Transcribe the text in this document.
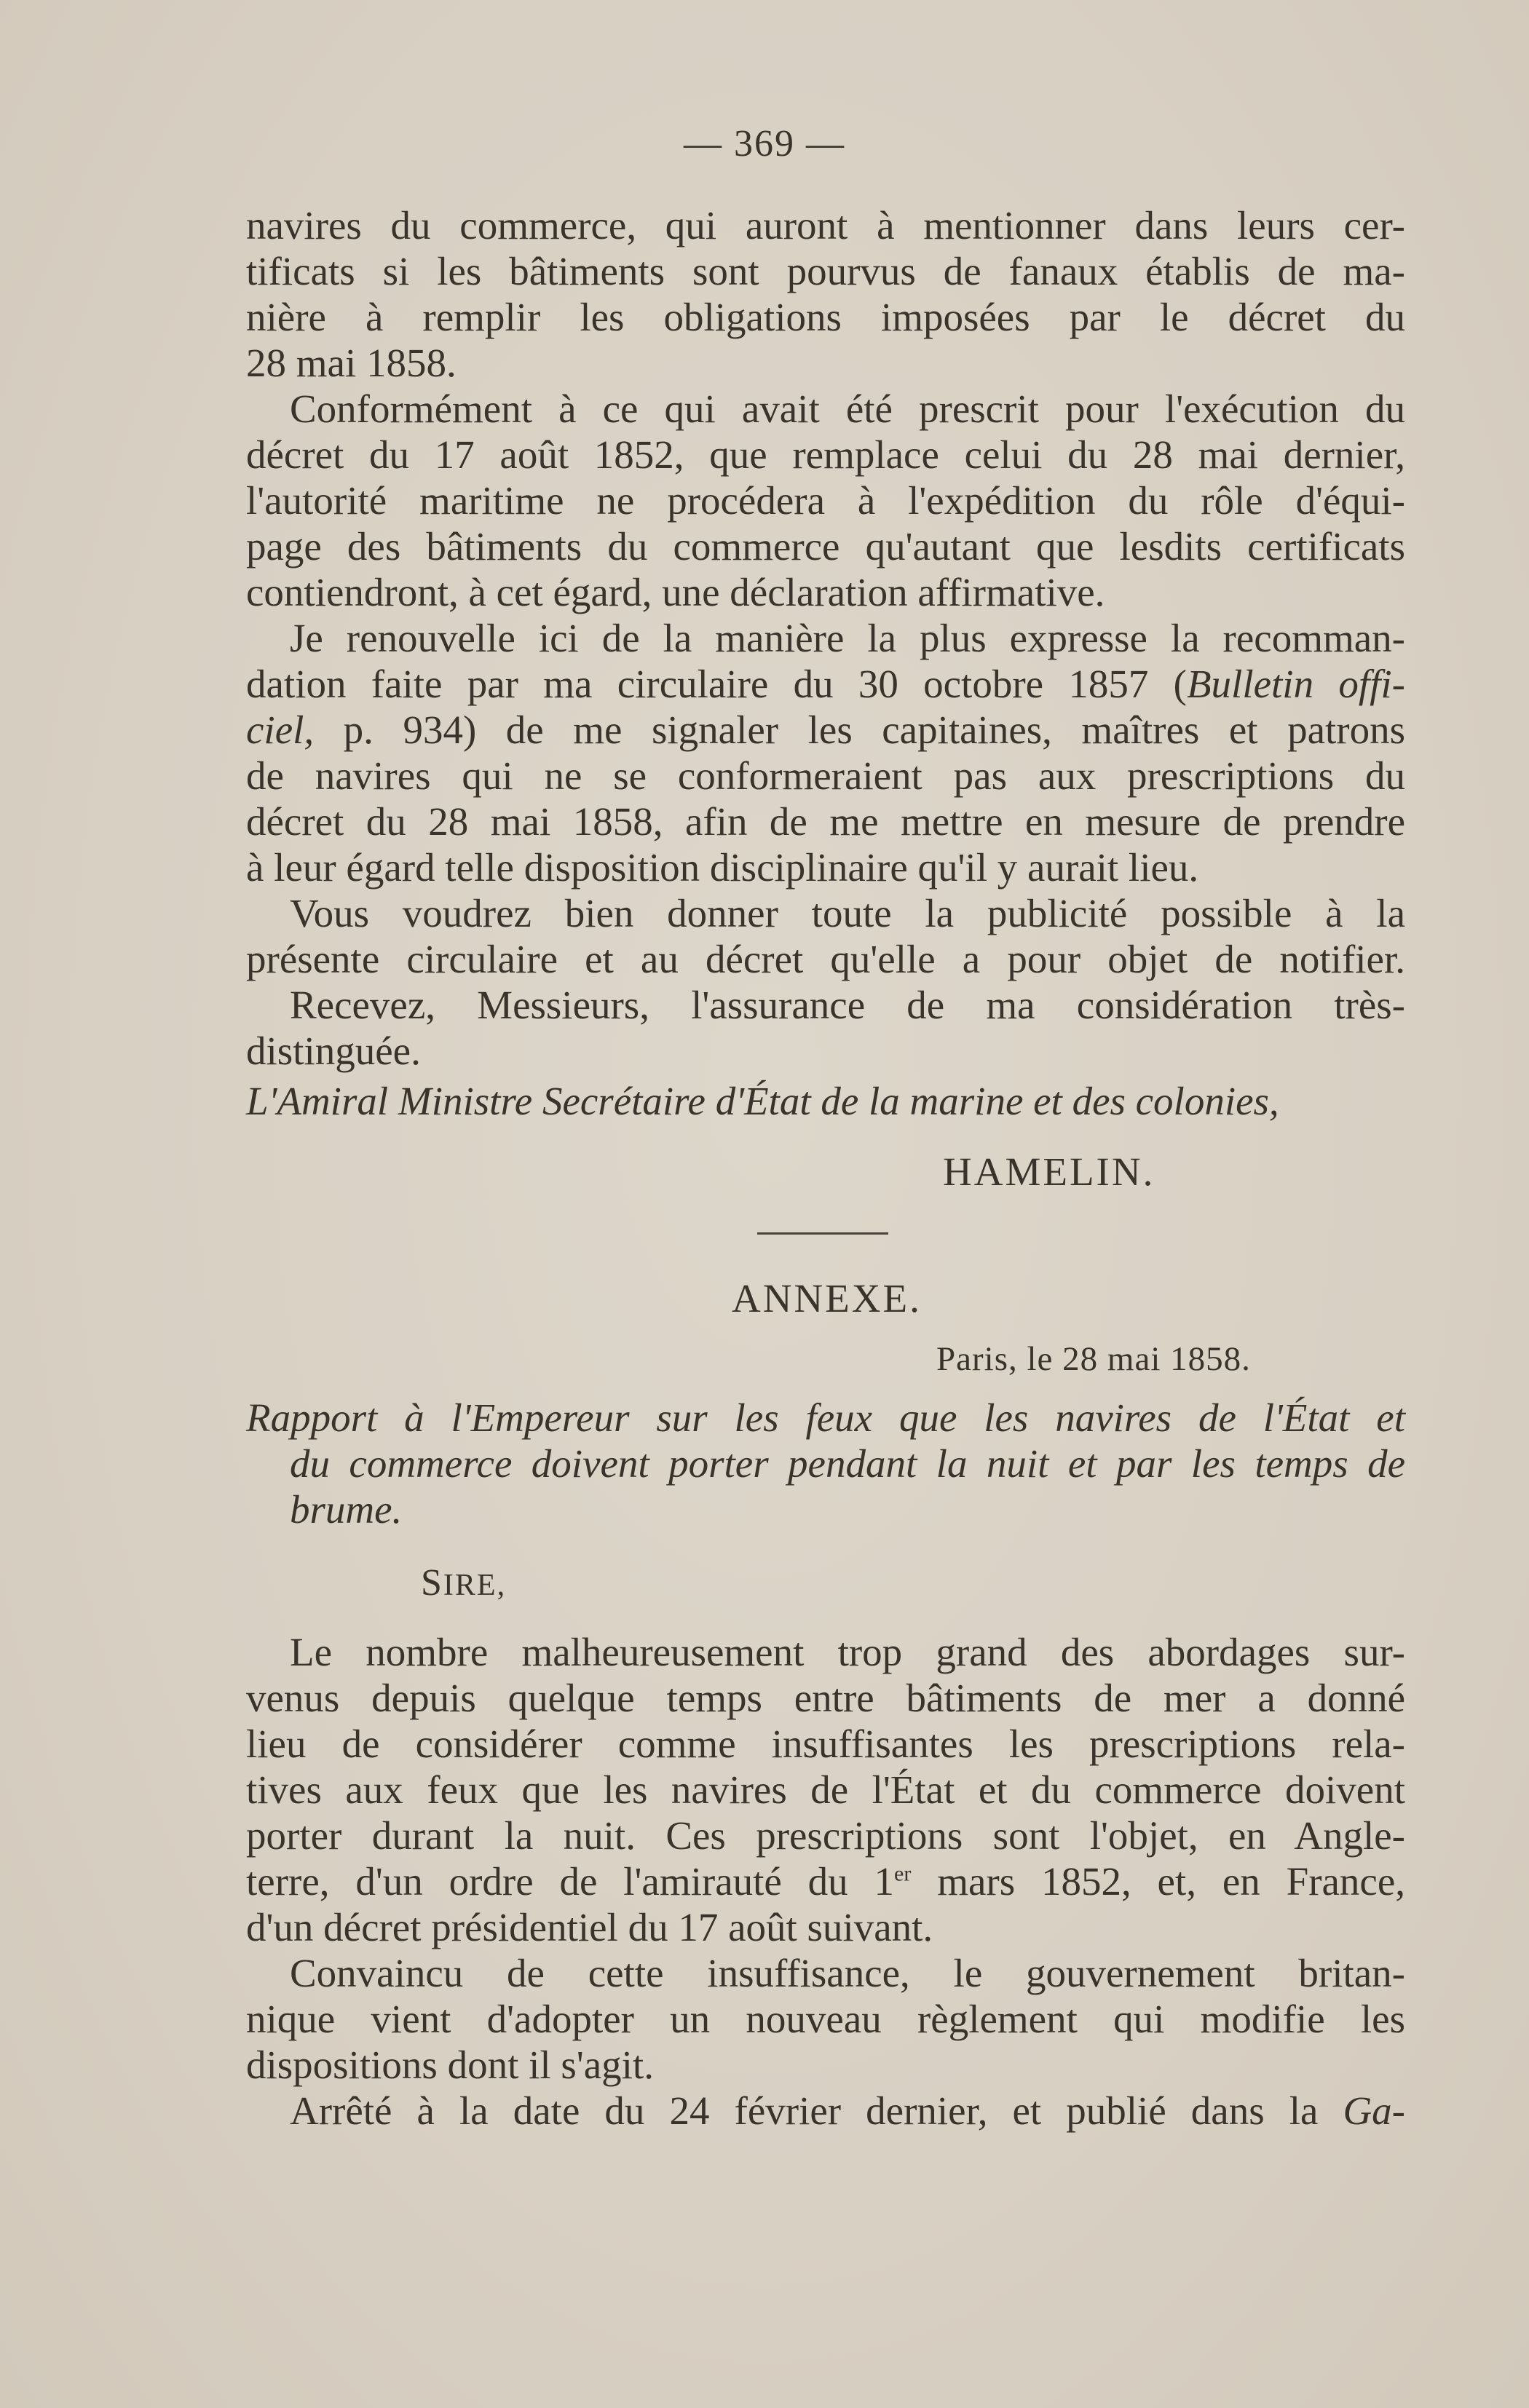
— 369 —
navires du commerce, qui auront à mentionner dans leurs cer-
tificats si les bâtiments sont pourvus de fanaux établis de ma-
nière à remplir les obligations imposées par le décret du
28 mai 1858.
Conformément à ce qui avait été prescrit pour l'exécution du
décret du 17 août 1852, que remplace celui du 28 mai dernier,
l'autorité maritime ne procédera à l'expédition du rôle d'équi-
page des bâtiments du commerce qu'autant que lesdits certificats
contiendront, à cet égard, une déclaration affirmative.
Je renouvelle ici de la manière la plus expresse la recomman-
dation faite par ma circulaire du 30 octobre 1857 (Bulletin offi-
ciel, p. 934) de me signaler les capitaines, maîtres et patrons
de navires qui ne se conformeraient pas aux prescriptions du
décret du 28 mai 1858, afin de me mettre en mesure de prendre
à leur égard telle disposition disciplinaire qu'il y aurait lieu.
Vous voudrez bien donner toute la publicité possible à la
présente circulaire et au décret qu'elle a pour objet de notifier.
Recevez, Messieurs, l'assurance de ma considération très-
distinguée.
L'Amiral Ministre Secrétaire d'État de la marine et des colonies,
HAMELIN.
ANNEXE.
Paris, le 28 mai 1858.
Rapport à l'Empereur sur les feux que les navires de l'État et
du commerce doivent porter pendant la nuit et par les temps de
brume.
SIRE,
Le nombre malheureusement trop grand des abordages sur-
venus depuis quelque temps entre bâtiments de mer a donné
lieu de considérer comme insuffisantes les prescriptions rela-
tives aux feux que les navires de l'État et du commerce doivent
porter durant la nuit. Ces prescriptions sont l'objet, en Angle-
terre, d'un ordre de l'amirauté du 1er mars 1852, et, en France,
d'un décret présidentiel du 17 août suivant.
Convaincu de cette insuffisance, le gouvernement britan-
nique vient d'adopter un nouveau règlement qui modifie les
dispositions dont il s'agit.
Arrêté à la date du 24 février dernier, et publié dans la Ga-
